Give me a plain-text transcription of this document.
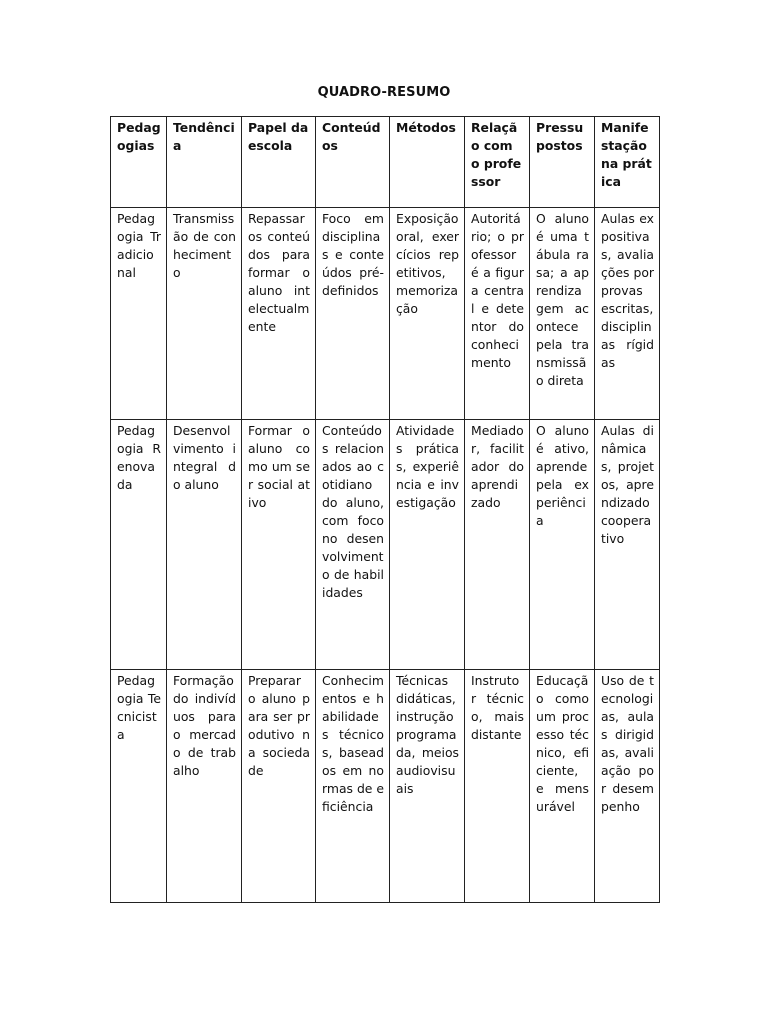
QUADRO-RESUMO
Pedagogias	Tendência	Papel da escola	Conteúdos	Métodos	Relação com o professor	Pressupostos	Manifestação na prática
Pedagogia Tradicional	Transmissão de conhecimento	Repassar os conteúdos para formar o aluno intelectualmente	Foco em disciplinas e conteúdos pré-definidos	Exposição oral, exercícios repetitivos, memorização	Autoritário; o professor é a figura central e detentor do conhecimento	O aluno é uma tábula rasa; a aprendizagem acontece pela transmissão direta	Aulas expositivas, avaliações por provas escritas, disciplinas rígidas
Pedagogia Renovada	Desenvolvimento integral do aluno	Formar o aluno como um ser social ativo	Conteúdos relacionados ao cotidiano do aluno, com foco no desenvolvimento de habilidades	Atividades práticas, experiência e investigação	Mediador, facilitador do aprendizado	O aluno é ativo, aprende pela experiência	Aulas dinâmicas, projetos, aprendizado cooperativo
Pedagogia Tecnicista	Formação do indivíduos para o mercado de trabalho	Preparar o aluno para ser produtivo na sociedade	Conhecimentos e habilidades técnicos, baseados em normas de eficiência	Técnicas didáticas, instrução programada, meios audiovisuais	Instrutor técnico, mais distante	Educação como um processo técnico, eficiente, e mensurável	Uso de tecnologias, aulas dirigidas, avaliação por desempenho
